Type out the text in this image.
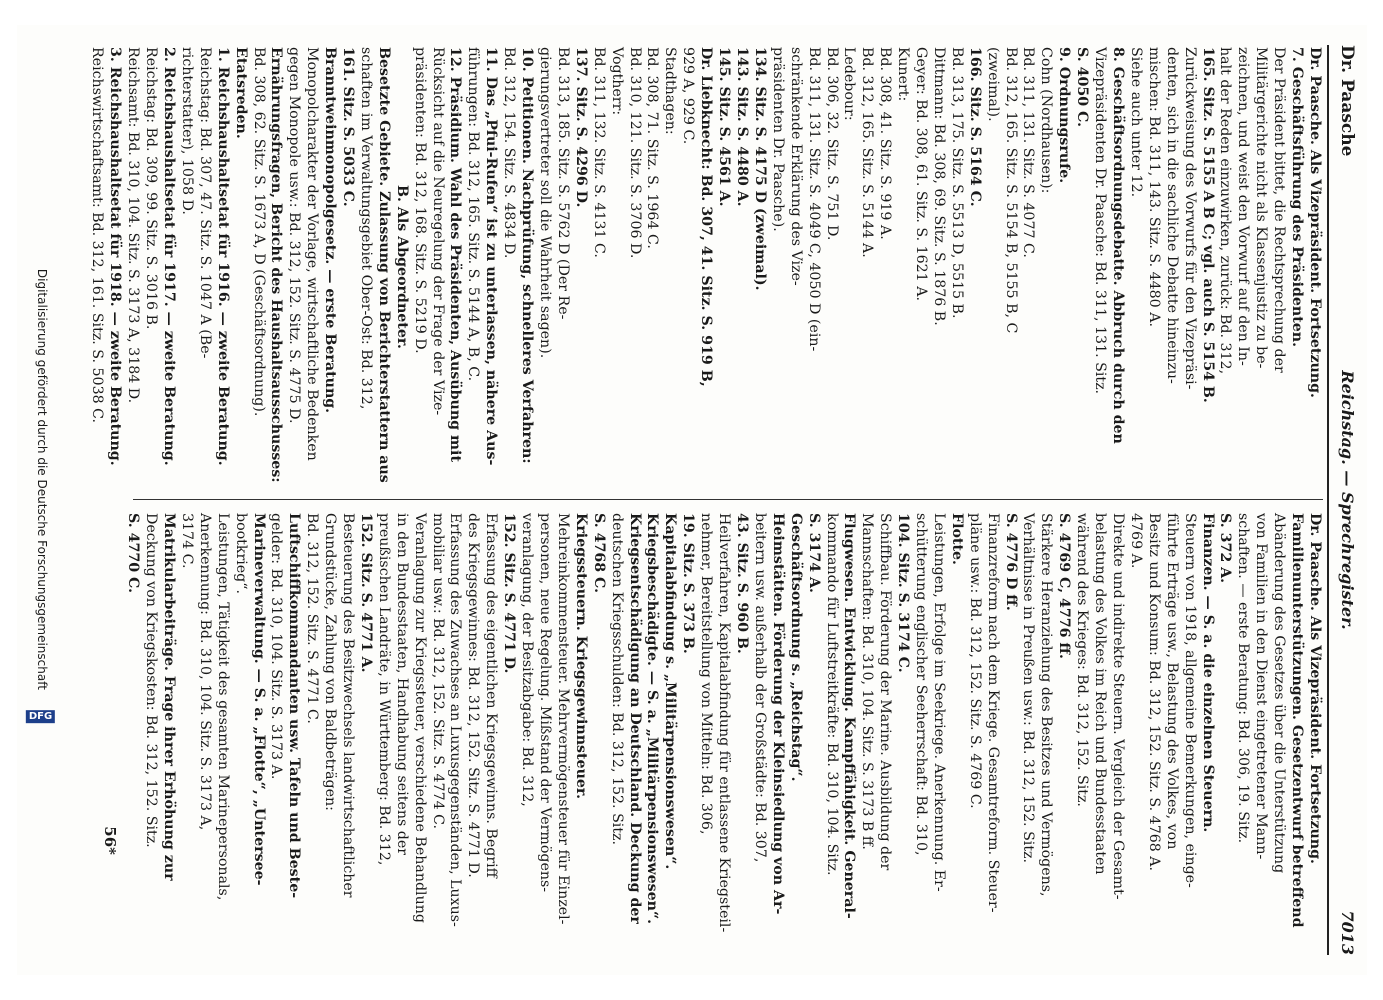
Dr. Paasche
Reichstag. — Sprechregister.
7013
Dr. Paasche. Als Vizepräsident. Fortsetzung.
7. Geschäftsführung des Präsidenten.
Der Präsident bittet, die Rechtsprechung der
Militärgerichte nicht als Klassenjustiz zu be-
zeichnen, und weist den Vorwurf auf den In-
halt der Reden einzuwirken, zurück: Bd. 312,
165. Sitz. S. 5155 A B C; vgl. auch S. 5154 B.
Zurückweisung des Vorwurfs für den Vizepräsi-
denten, sich in die sachliche Debatte hineinzu-
mischen: Bd. 311, 143. Sitz. S. 4480 A.
Siehe auch unter 12.
8. Geschäftsordnungsdebatte. Abbruch durch den
Vizepräsidenten Dr. Paasche: Bd. 311, 131. Sitz.
S. 4050 C.
9. Ordnungsrufe.
Cohn (Nordhausen):
Bd. 311, 131. Sitz. S. 4077 C.
Bd. 312, 165. Sitz. S. 5154 B, 5155 B, C
(zweimal).
166. Sitz. S. 5164 C.
Bd. 313, 175. Sitz. S. 5513 D, 5515 B.
Dittmann: Bd. 308, 69. Sitz. S. 1876 B.
Geyer: Bd. 308, 61. Sitz. S. 1621 A.
Kunert:
Bd. 308, 41. Sitz. S. 919 A.
Bd. 312, 165. Sitz. S. 5144 A.
Ledebour:
Bd. 306, 32. Sitz. S. 751 D.
Bd. 311, 131. Sitz. S. 4049 C, 4050 D (ein-
schränkende Erklärung des Vize-
präsidenten Dr. Paasche).
134. Sitz. S. 4175 D (zweimal).
143. Sitz. S. 4480 A.
145. Sitz. S. 4561 A.
Dr. Liebknecht: Bd. 307, 41. Sitz. S. 919 B,
929 A, 929 C.
Stadthagen:
Bd. 308, 71. Sitz. S. 1964 C.
Bd. 310, 121. Sitz. S. 3706 D.
Vogtherr:
Bd. 311, 132. Sitz. S. 4131 C.
137. Sitz. S. 4296 D.
Bd. 313, 185. Sitz. S. 5762 D (Der Re-
gierungsvertreter soll die Wahrheit sagen).
10. Petitionen. Nachprüfung, schnelleres Verfahren:
Bd. 312, 154. Sitz. S. 4834 D.
11. Das „Pfui-Rufen“ ist zu unterlassen, nähere Aus-
führungen: Bd. 312, 165. Sitz. S. 5144 A, B, C.
12. Präsidium. Wahl des Präsidenten, Ausübung mit
Rücksicht auf die Neuregelung der Frage der Vize-
präsidenten: Bd. 312, 168. Sitz. S. 5219 D.
B. Als Abgeordneter.
Besetzte Gebiete. Zulassung von Berichterstattern aus
schaften im Verwaltungsgebiet Ober-Ost: Bd. 312,
161. Sitz. S. 5033 C.
Branntweinmonopolgesetz. — erste Beratung.
Monopolcharakter der Vorlage, wirtschaftliche Bedenken
gegen Monopole usw.: Bd. 312, 152. Sitz. S. 4775 D.
Ernährungsfragen, Bericht des Haushaltsausschusses:
Bd. 308, 62. Sitz. S. 1673 A, D (Geschäftsordnung).
Etatsreden.
1. Reichshaushaltsetat für 1916. — zweite Beratung.
Reichstag: Bd. 307, 47. Sitz. S. 1047 A (Be-
richterstatter), 1058 D.
2. Reichshaushaltsetat für 1917. — zweite Beratung.
Reichstag: Bd. 309, 99. Sitz. S. 3016 B.
Reichsamt: Bd. 310, 104. Sitz. S. 3173 A, 3184 D.
3. Reichshaushaltsetat für 1918. — zweite Beratung.
Reichswirtschaftsamt: Bd. 312, 161. Sitz. S. 5038 C.
Dr. Paasche. Als Vizepräsident. Fortsetzung.
Familienunterstützungen. Gesetzentwurf betreffend
Abänderung des Gesetzes über die Unterstützung
von Familien in den Dienst eingetretener Mann-
schaften. — erste Beratung: Bd. 306, 19. Sitz.
S. 372 A.
Finanzen. — S. a. die einzelnen Steuern.
Steuern von 1918, allgemeine Bemerkungen, einge-
führte Erträge usw., Belastung des Volkes, von
Besitz und Konsum: Bd. 312, 152. Sitz. S. 4768 A.
4769 A.
Direkte und indirekte Steuern. Vergleich der Gesamt-
belastung des Volkes im Reich und Bundesstaaten
während des Krieges: Bd. 312, 152. Sitz.
S. 4769 C, 4776 ff.
Stärkere Heranziehung des Besitzes und Vermögens,
Verhältnisse in Preußen usw.: Bd. 312, 152. Sitz.
S. 4776 D ff.
Finanzreform nach dem Kriege. Gesamtreform. Steuer-
pläne usw.: Bd. 312, 152. Sitz. S. 4769 C.
Flotte.
Leistungen, Erfolge im Seekriege. Anerkennung. Er-
schütterung englischer Seeherrschaft: Bd. 310,
104. Sitz. S. 3174 C.
Schiffbau. Förderung der Marine. Ausbildung der
Mannschaften: Bd. 310, 104. Sitz. S. 3173 B ff.
Flugwesen. Entwicklung. Kampffähigkeit. General-
kommando für Luftstreitkräfte: Bd. 310, 104. Sitz.
S. 3174 A.
Geschäftsordnung s. „Reichstag“.
Heimstätten. Förderung der Kleinsiedlung von Ar-
beitern usw. außerhalb der Großstädte: Bd. 307,
43. Sitz. S. 960 B.
Heilverfahren, Kapitalabfindung für entlassene Kriegsteil-
nehmer, Bereitstellung von Mitteln: Bd. 306,
19. Sitz. S. 373 B.
Kapitalabfindung s. „Militärpensionswesen“.
Kriegsbeschädigte. — S. a. „Militärpensionswesen“.
Kriegsentschädigung an Deutschland. Deckung der
deutschen Kriegsschulden: Bd. 312, 152. Sitz.
S. 4768 C.
Kriegssteuern. Kriegsgewinnsteuer.
Mehreinkommensteuer. Mehrvermögensteuer für Einzel-
personen, neue Regelung. Mißstand der Vermögens-
veranlagung, der Besitzabgabe: Bd. 312,
152. Sitz. S. 4771 D.
Erfassung des eigentlichen Kriegsgewinns. Begriff
des Kriegsgewinnes: Bd. 312, 152. Sitz. S. 4771 D.
Erfassung des Zuwachses an Luxusgegenständen, Luxus-
mobiliar usw.: Bd. 312, 152. Sitz. S. 4774 C.
Veranlagung zur Kriegssteuer, verschiedene Behandlung
in den Bundesstaaten, Handhabung seitens der
preußischen Landräte, in Württemberg: Bd. 312,
152. Sitz. S. 4771 A.
Besteuerung des Besitzwechsels landwirtschaftlicher
Grundstücke, Zahlung von Baldbeträgen:
Bd. 312, 152. Sitz. S. 4771 C.
Luftschiffkommandanten usw. Tafeln und Beste-
gelder: Bd. 310, 104. Sitz. S. 3173 A.
Marineverwaltung. — S. a. „Flotte“, „Untersee-
bootkrieg“.
Leistungen, Tätigkeit des gesamten Marinepersonals,
Anerkennung: Bd. 310, 104. Sitz. S. 3173 A,
3174 C.
Matrikularbeiträge. Frage ihrer Erhöhung zur
Deckung von Kriegskosten: Bd. 312, 152. Sitz.
S. 4770 C.
56*
Digitalisierung gefördert durch die Deutsche Forschungsgemeinschaft DFG
